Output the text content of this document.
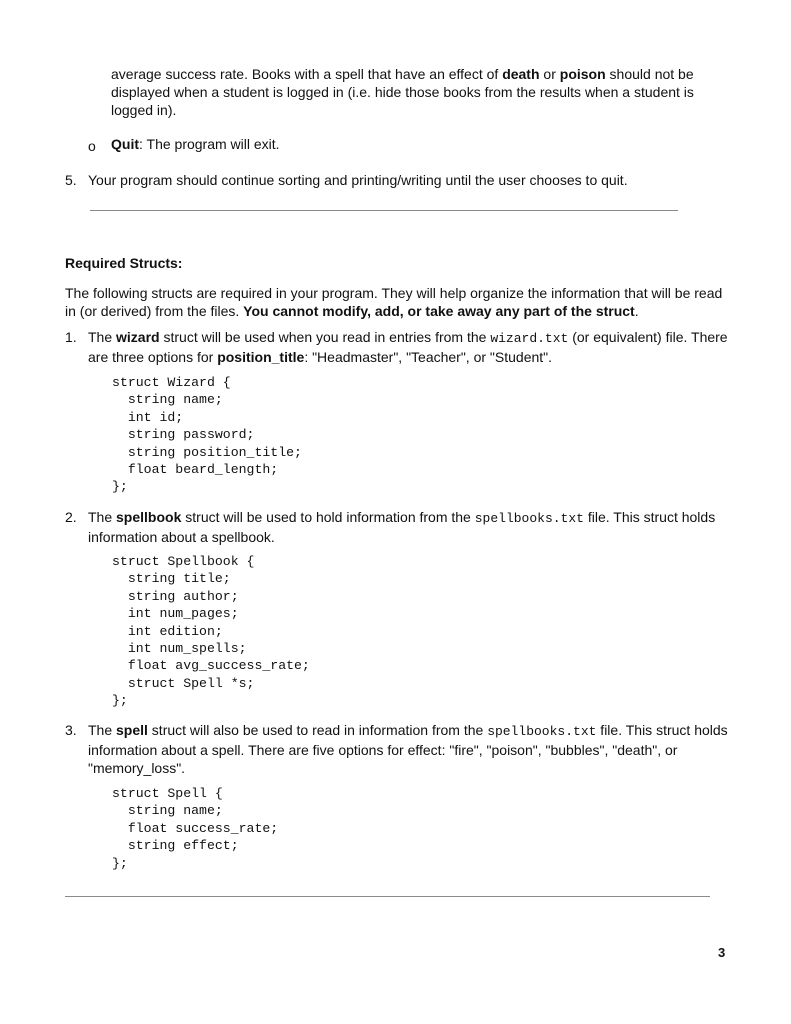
average success rate. Books with a spell that have an effect of death or poison should not be displayed when a student is logged in (i.e. hide those books from the results when a student is logged in).

o Quit: The program will exit.

5. Your program should continue sorting and printing/writing until the user chooses to quit.

Required Structs:

The following structs are required in your program. They will help organize the information that will be read in (or derived) from the files. You cannot modify, add, or take away any part of the struct.

1. The wizard struct will be used when you read in entries from the wizard.txt (or equivalent) file. There are three options for position_title: "Headmaster", "Teacher", or "Student".

struct Wizard {
string name;
int id;
string password;
string position_title;
float beard_length;
};
2. The spellbook struct will be used to hold information from the spellbooks.txt file. This struct holds information about a spellbook.

struct Spellbook {
string title;
string author;
int num_pages;
int edition;
int num_spells;
float avg_success_rate;
struct Spell *s;
};
3. The spell struct will also be used to read in information from the spellbooks.txt file. This struct holds information about a spell. There are five options for effect: "fire", "poison", "bubbles", "death", or "memory_loss".

struct Spell {
string name;
float success_rate;
string effect;
};
3
